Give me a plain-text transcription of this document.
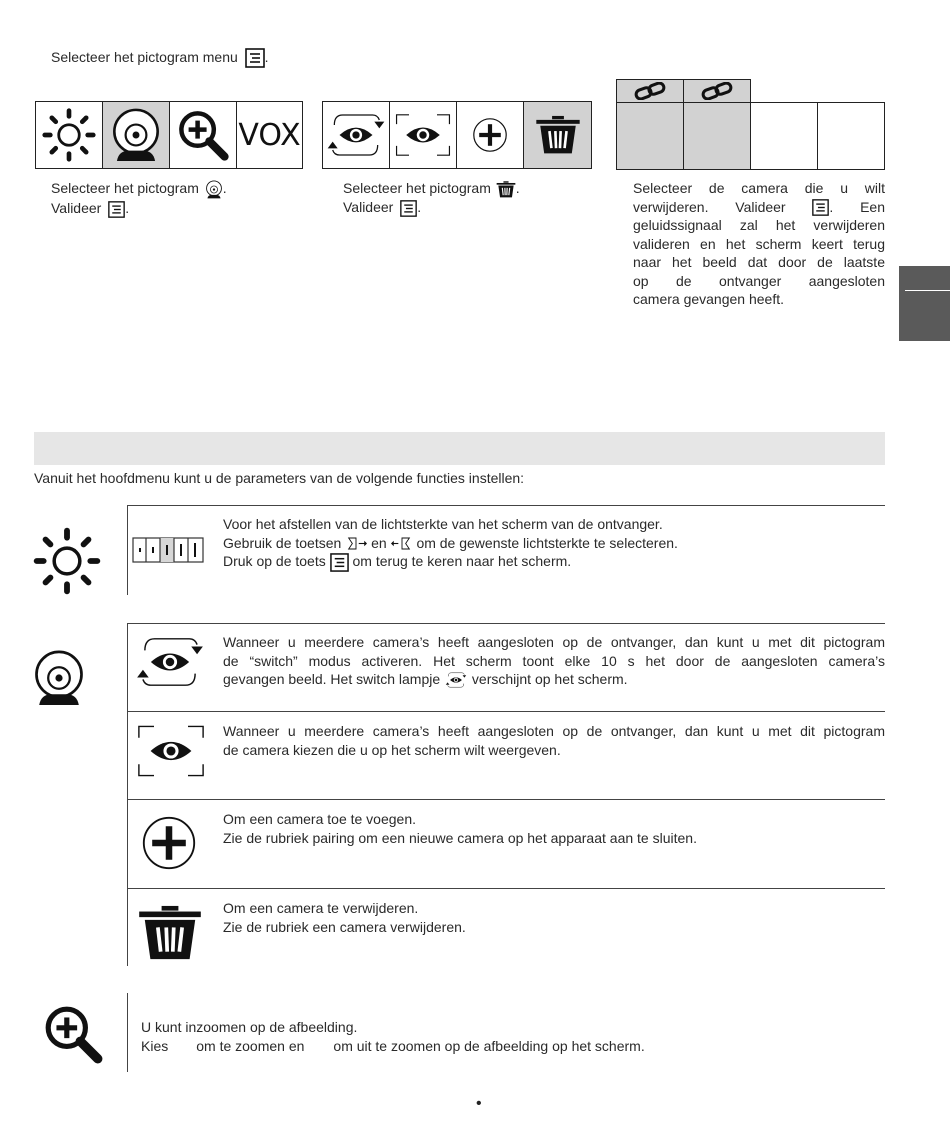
Selecteer het pictogram menu .
VOX
Selecteer het pictogram .
Valideer .
Selecteer het pictogram .
Valideer .
Selecteer de camera die u wilt
verwijderen. Valideer	. Een
geluidssignaal zal het verwijderen
valideren en het scherm keert terug
naar het beeld dat door de laatste
op de ontvanger aangesloten
camera gevangen heeft.
Vanuit het hoofdmenu kunt u de parameters van de volgende functies instellen:
Voor het afstellen van de lichtsterkte van het scherm van de ontvanger.
Gebruik de toetsen en om de gewenste lichtsterkte te selecteren.
Druk op de toets om terug te keren naar het scherm.
Wanneer u meerdere camera’s heeft aangesloten op de ontvanger, dan kunt u met dit pictogram
de “switch” modus activeren. Het scherm toont elke 10 s het door de aangesloten camera’s
gevangen beeld. Het switch lampje verschijnt op het scherm.
Wanneer u meerdere camera’s heeft aangesloten op de ontvanger, dan kunt u met dit pictogram
de camera kiezen die u op het scherm wilt weergeven.
Om een camera toe te voegen.
Zie de rubriek pairing om een nieuwe camera op het apparaat aan te sluiten.
Om een camera te verwijderen.
Zie de rubriek een camera verwijderen.
U kunt inzoomen op de afbeelding.
Kies om te zoomen en om uit te zoomen op de afbeelding op het scherm.
•
